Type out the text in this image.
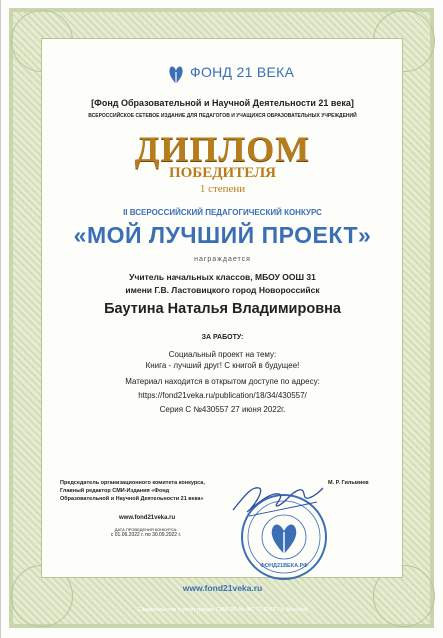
ФОНД 21 ВЕКА
[Фонд Образовательной и Научной Деятельности 21 века]
ВСЕРОССИЙСКОЕ СЕТЕВОЕ ИЗДАНИЕ ДЛЯ ПЕДАГОГОВ И УЧАЩИХСЯ ОБРАЗОВАТЕЛЬНЫХ УЧРЕЖДЕНИЙ
ДИПЛОМ
ПОБЕДИТЕЛЯ
1 степени
II ВСЕРОССИЙСКИЙ ПЕДАГОГИЧЕСКИЙ КОНКУРС
«МОЙ ЛУЧШИЙ ПРОЕКТ»
награждается
Учитель начальных классов, МБОУ ООШ 31
имени Г.В. Ластовицкого город Новороссийск
Баутина Наталья Владимировна
ЗА РАБОТУ:
Социальный проект на тему:
Книга - лучший друг! С книгой в будущее!
Материал находится в открытом доступе по адресу:
https://fond21veka.ru/publication/18/34/430557/
Серия С №430557 27 июня 2022г.
Председатель организационного комитета конкурса,
Главный редактор СМИ-Издания «Фонд
Образовательной и Научной Деятельности 21 века»
М. Р. Гильмиев
www.fond21veka.ru
ДАТА ПРОВЕДЕНИЯ КОНКУРСА:
с 01.06.2022 г. по 30.09.2022 г.
ФОНД21ВЕКА.РФ
www.fond21veka.ru
Свидетельство о регистрации СМИ ЭЛ № ФС 77-83417 (г. Москва)
